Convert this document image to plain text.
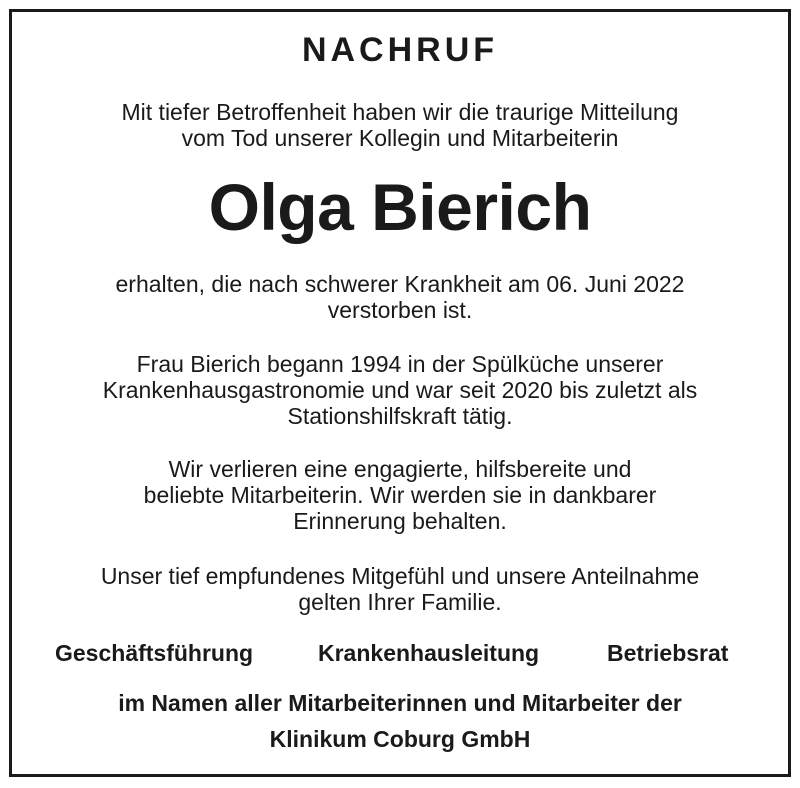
NACHRUF
Mit tiefer Betroffenheit haben wir die traurige Mitteilung
vom Tod unserer Kollegin und Mitarbeiterin
Olga Bierich
erhalten, die nach schwerer Krankheit am 06. Juni 2022
verstorben ist.
Frau Bierich begann 1994 in der Spülküche unserer
Krankenhausgastronomie und war seit 2020 bis zuletzt als
Stationshilfskraft tätig.
Wir verlieren eine engagierte, hilfsbereite und
beliebte Mitarbeiterin. Wir werden sie in dankbarer
Erinnerung behalten.
Unser tief empfundenes Mitgefühl und unsere Anteilnahme
gelten Ihrer Familie.
Geschäftsführung	Krankenhausleitung	Betriebsrat
im Namen aller Mitarbeiterinnen und Mitarbeiter der
Klinikum Coburg GmbH
